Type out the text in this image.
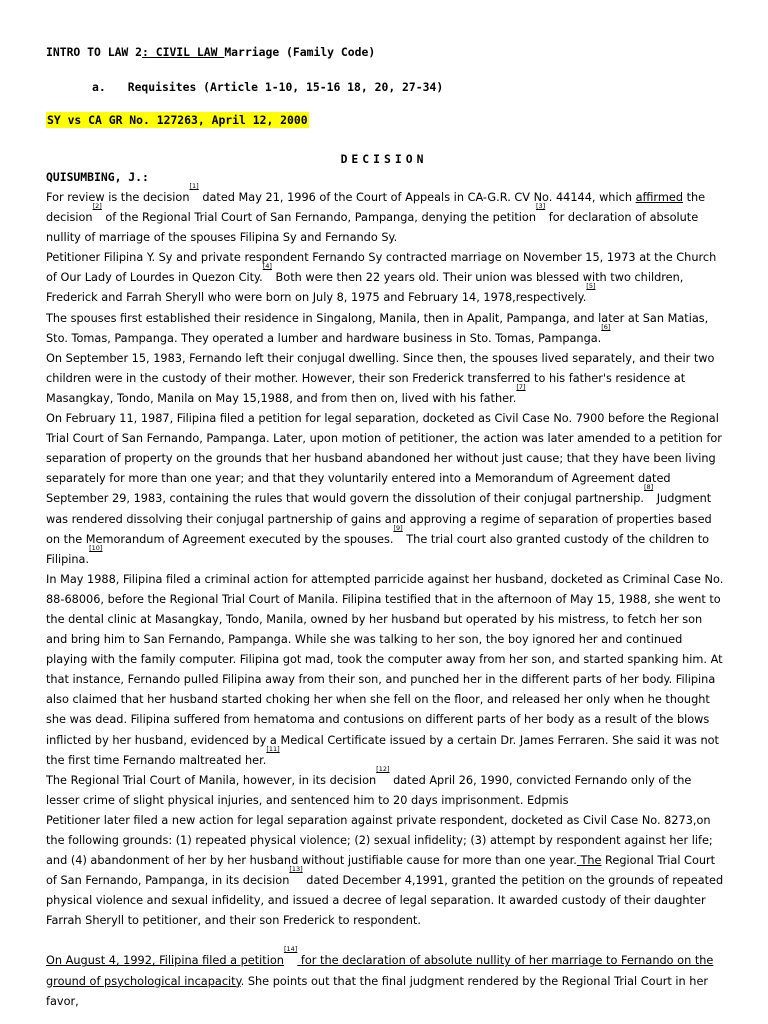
INTRO TO LAW 2: CIVIL LAW Marriage (Family Code)
a. Requisites (Article 1-10, 15-16 18, 20, 27-34)
SY vs CA GR No. 127263, April 12, 2000
DECISION
QUISUMBING, J.:

For review is the decision[1] dated May 21, 1996 of the Court of Appeals in CA-G.R. CV No. 44144, which affirmed the decision[2] of the Regional Trial Court of San Fernando, Pampanga, denying the petition[3] for declaration of absolute nullity of marriage of the spouses Filipina Sy and Fernando Sy.

Petitioner Filipina Y. Sy and private respondent Fernando Sy contracted marriage on November 15, 1973 at the Church of Our Lady of Lourdes in Quezon City.[4] Both were then 22 years old. Their union was blessed with two children, Frederick and Farrah Sheryll who were born on July 8, 1975 and February 14, 1978,respectively.[5]

The spouses first established their residence in Singalong, Manila, then in Apalit, Pampanga, and later at San Matias, Sto. Tomas, Pampanga. They operated a lumber and hardware business in Sto. Tomas, Pampanga.[6]

On September 15, 1983, Fernando left their conjugal dwelling. Since then, the spouses lived separately, and their two children were in the custody of their mother. However, their son Frederick transferred to his father's residence at Masangkay, Tondo, Manila on May 15,1988, and from then on, lived with his father.[7]

On February 11, 1987, Filipina filed a petition for legal separation, docketed as Civil Case No. 7900 before the Regional Trial Court of San Fernando, Pampanga. Later, upon motion of petitioner, the action was later amended to a petition for separation of property on the grounds that her husband abandoned her without just cause; that they have been living separately for more than one year; and that they voluntarily entered into a Memorandum of Agreement dated September 29, 1983, containing the rules that would govern the dissolution of their conjugal partnership.[8] Judgment was rendered dissolving their conjugal partnership of gains and approving a regime of separation of properties based on the Memorandum of Agreement executed by the spouses.[9] The trial court also granted custody of the children to Filipina.[10]

In May 1988, Filipina filed a criminal action for attempted parricide against her husband, docketed as Criminal Case No. 88-68006, before the Regional Trial Court of Manila. Filipina testified that in the afternoon of May 15, 1988, she went to the dental clinic at Masangkay, Tondo, Manila, owned by her husband but operated by his mistress, to fetch her son and bring him to San Fernando, Pampanga. While she was talking to her son, the boy ignored her and continued playing with the family computer. Filipina got mad, took the computer away from her son, and started spanking him. At that instance, Fernando pulled Filipina away from their son, and punched her in the different parts of her body. Filipina also claimed that her husband started choking her when she fell on the floor, and released her only when he thought she was dead. Filipina suffered from hematoma and contusions on different parts of her body as a result of the blows inflicted by her husband, evidenced by a Medical Certificate issued by a certain Dr. James Ferraren. She said it was not the first time Fernando maltreated her.[11]

The Regional Trial Court of Manila, however, in its decision[12] dated April 26, 1990, convicted Fernando only of the lesser crime of slight physical injuries, and sentenced him to 20 days imprisonment. Edpmis

Petitioner later filed a new action for legal separation against private respondent, docketed as Civil Case No. 8273,on the following grounds: (1) repeated physical violence; (2) sexual infidelity; (3) attempt by respondent against her life; and (4) abandonment of her by her husband without justifiable cause for more than one year. The Regional Trial Court of San Fernando, Pampanga, in its decision[13] dated December 4,1991, granted the petition on the grounds of repeated physical violence and sexual infidelity, and issued a decree of legal separation. It awarded custody of their daughter Farrah Sheryll to petitioner, and their son Frederick to respondent.

On August 4, 1992, Filipina filed a petition[14] for the declaration of absolute nullity of her marriage to Fernando on the ground of psychological incapacity. She points out that the final judgment rendered by the Regional Trial Court in her favor,
